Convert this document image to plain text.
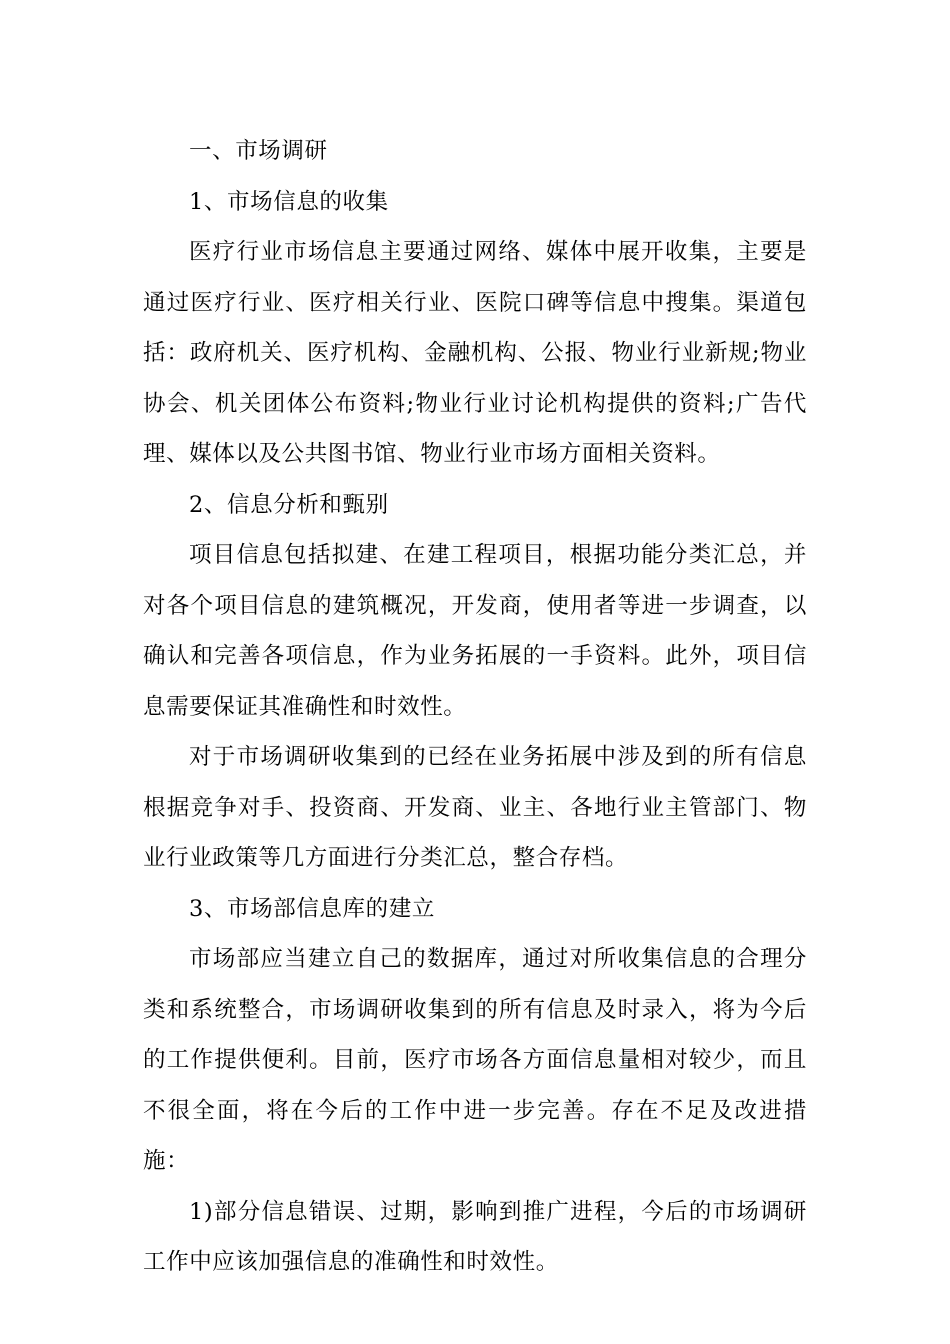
一、市场调研

1、市场信息的收集

医疗行业市场信息主要通过网络、媒体中展开收集，主要是通过医疗行业、医疗相关行业、医院口碑等信息中搜集。渠道包括：政府机关、医疗机构、金融机构、公报、物业行业新规;物业协会、机关团体公布资料;物业行业讨论机构提供的资料;广告代理、媒体以及公共图书馆、物业行业市场方面相关资料。

2、信息分析和甄别

项目信息包括拟建、在建工程项目，根据功能分类汇总，并对各个项目信息的建筑概况，开发商，使用者等进一步调查，以确认和完善各项信息，作为业务拓展的一手资料。此外，项目信息需要保证其准确性和时效性。

对于市场调研收集到的已经在业务拓展中涉及到的所有信息根据竞争对手、投资商、开发商、业主、各地行业主管部门、物业行业政策等几方面进行分类汇总，整合存档。

3、市场部信息库的建立

市场部应当建立自己的数据库，通过对所收集信息的合理分类和系统整合，市场调研收集到的所有信息及时录入，将为今后的工作提供便利。目前，医疗市场各方面信息量相对较少，而且不很全面，将在今后的工作中进一步完善。存在不足及改进措施：

1)部分信息错误、过期，影响到推广进程，今后的市场调研工作中应该加强信息的准确性和时效性。
